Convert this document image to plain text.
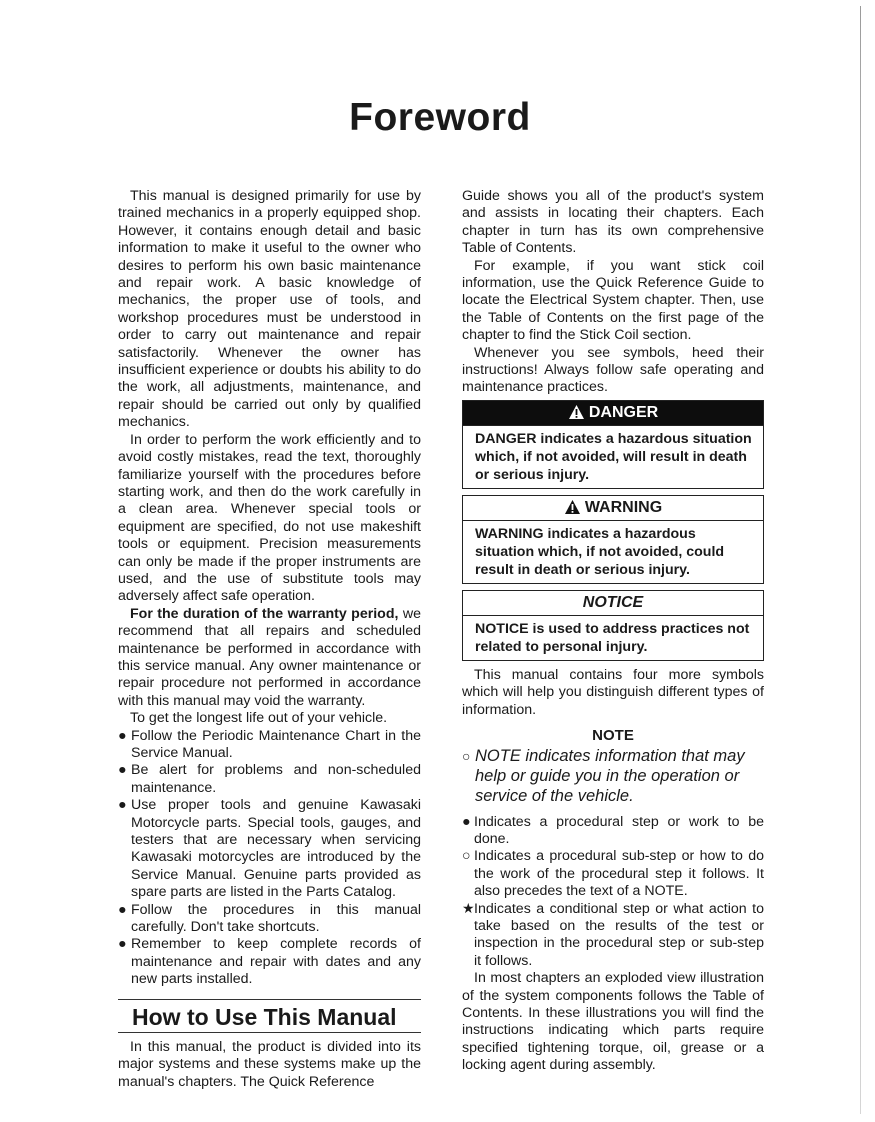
Foreword

This manual is designed primarily for use by trained mechanics in a properly equipped shop. However, it contains enough detail and basic information to make it useful to the owner who desires to perform his own basic maintenance and repair work. A basic knowledge of mechanics, the proper use of tools, and workshop procedures must be understood in order to carry out maintenance and repair satisfactorily. Whenever the owner has insufficient experience or doubts his ability to do the work, all adjustments, maintenance, and repair should be carried out only by qualified mechanics.

In order to perform the work efficiently and to avoid costly mistakes, read the text, thoroughly familiarize yourself with the procedures before starting work, and then do the work carefully in a clean area. Whenever special tools or equipment are specified, do not use makeshift tools or equipment. Precision measurements can only be made if the proper instruments are used, and the use of substitute tools may adversely affect safe operation.

For the duration of the warranty period, we recommend that all repairs and scheduled maintenance be performed in accordance with this service manual. Any owner maintenance or repair procedure not performed in accordance with this manual may void the warranty.

To get the longest life out of your vehicle.

● Follow the Periodic Maintenance Chart in the Service Manual.
● Be alert for problems and non-scheduled maintenance.
● Use proper tools and genuine Kawasaki Motorcycle parts. Special tools, gauges, and testers that are necessary when servicing Kawasaki motorcycles are introduced by the Service Manual. Genuine parts provided as spare parts are listed in the Parts Catalog.
● Follow the procedures in this manual carefully. Don't take shortcuts.
● Remember to keep complete records of maintenance and repair with dates and any new parts installed.
How to Use This Manual

In this manual, the product is divided into its major systems and these systems make up the manual's chapters. The Quick Reference

Guide shows you all of the product's system and assists in locating their chapters. Each chapter in turn has its own comprehensive Table of Contents.

For example, if you want stick coil information, use the Quick Reference Guide to locate the Electrical System chapter. Then, use the Table of Contents on the first page of the chapter to find the Stick Coil section.

Whenever you see symbols, heed their instructions! Always follow safe operating and maintenance practices.

DANGER
DANGER indicates a hazardous situation which, if not avoided, will result in death or serious injury.
WARNING
WARNING indicates a hazardous situation which, if not avoided, could result in death or serious injury.
NOTICE
NOTICE is used to address practices not related to personal injury.

This manual contains four more symbols which will help you distinguish different types of information.

NOTE
○ NOTE indicates information that may help or guide you in the operation or service of the vehicle.
● Indicates a procedural step or work to be done.
○ Indicates a procedural sub-step or how to do the work of the procedural step it follows. It also precedes the text of a NOTE.
★ Indicates a conditional step or what action to take based on the results of the test or inspection in the procedural step or sub-step it follows.

In most chapters an exploded view illustration of the system components follows the Table of Contents. In these illustrations you will find the instructions indicating which parts require specified tightening torque, oil, grease or a locking agent during assembly.
